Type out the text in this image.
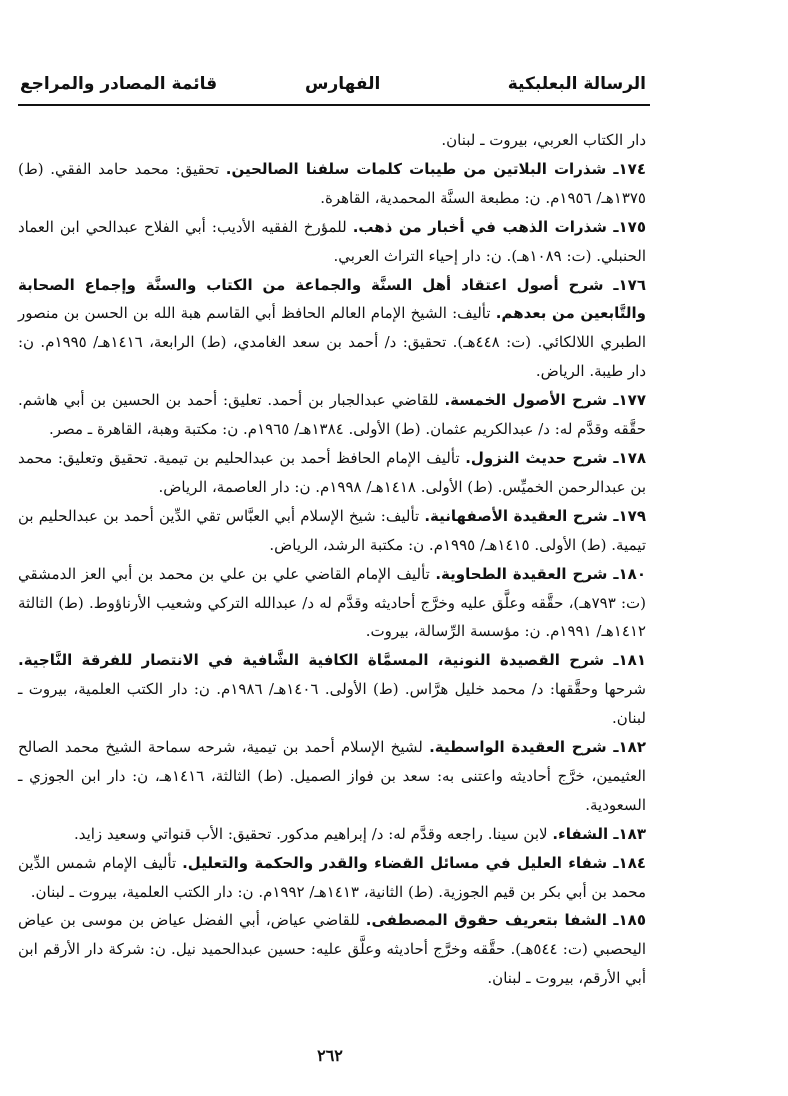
الرسالة البعلبكية
الفهارس
قائمة المصادر والمراجع

دار الكتاب العربي، بيروت ـ لبنان.

١٧٤ـ شذرات البلاتين من طيبات كلمات سلفنا الصالحين. تحقيق: محمد حامد الفقي. (ط) ١٣٧٥هـ/ ١٩٥٦م. ن: مطبعة السنَّة المحمدية، القاهرة.

١٧٥ـ شذرات الذهب في أخبار من ذهب. للمؤرخ الفقيه الأديب: أبي الفلاح عبدالحي ابن العماد الحنبلي. (ت: ١٠٨٩هـ). ن: دار إحياء التراث العربي.

١٧٦ـ شرح أصول اعتقاد أهل السنَّة والجماعة من الكتاب والسنَّة وإجماع الصحابة والتَّابعين من بعدهم. تأليف: الشيخ الإمام العالم الحافظ أبي القاسم هبة الله بن الحسن بن منصور الطبري اللالكائي. (ت: ٤٤٨هـ). تحقيق: د/ أحمد بن سعد الغامدي، (ط) الرابعة، ١٤١٦هـ/ ١٩٩٥م. ن: دار طيبة. الرياض.

١٧٧ـ شرح الأصول الخمسة. للقاضي عبدالجبار بن أحمد. تعليق: أحمد بن الحسين بن أبي هاشم. حقَّقه وقدَّم له: د/ عبدالكريم عثمان. (ط) الأولى. ١٣٨٤هـ/ ١٩٦٥م. ن: مكتبة وهبة، القاهرة ـ مصر.

١٧٨ـ شرح حديث النزول. تأليف الإمام الحافظ أحمد بن عبدالحليم بن تيمية. تحقيق وتعليق: محمد بن عبدالرحمن الخميِّس. (ط) الأولى. ١٤١٨هـ/ ١٩٩٨م. ن: دار العاصمة، الرياض.

١٧٩ـ شرح العقيدة الأصفهانية. تأليف: شيخ الإسلام أبي العبَّاس تقي الدِّين أحمد بن عبدالحليم بن تيمية. (ط) الأولى. ١٤١٥هـ/ ١٩٩٥م. ن: مكتبة الرشد، الرياض.

١٨٠ـ شرح العقيدة الطحاوية. تأليف الإمام القاضي علي بن علي بن محمد بن أبي العز الدمشقي (ت: ٧٩٣هـ)، حقَّقه وعلَّق عليه وخرَّج أحاديثه وقدَّم له د/ عبدالله التركي وشعيب الأرناؤوط. (ط) الثالثة ١٤١٢هـ/ ١٩٩١م. ن: مؤسسة الرِّسالة، بيروت.

١٨١ـ شرح القصيدة النونية، المسمَّاة الكافية الشَّافية في الانتصار للفرقة النَّاجية. شرحها وحقَّقها: د/ محمد خليل هرَّاس. (ط) الأولى. ١٤٠٦هـ/ ١٩٨٦م. ن: دار الكتب العلمية، بيروت ـ لبنان.

١٨٢ـ شرح العقيدة الواسطية. لشيخ الإسلام أحمد بن تيمية، شرحه سماحة الشيخ محمد الصالح العثيمين، خرَّج أحاديثه واعتنى به: سعد بن فواز الصميل. (ط) الثالثة، ١٤١٦هـ، ن: دار ابن الجوزي ـ السعودية.

١٨٣ـ الشفاء. لابن سينا. راجعه وقدَّم له: د/ إبراهيم مدكور. تحقيق: الأب قنواتي وسعيد زايد.

١٨٤ـ شفاء العليل في مسائل القضاء والقدر والحكمة والتعليل. تأليف الإمام شمس الدِّين محمد بن أبي بكر بن قيم الجوزية. (ط) الثانية، ١٤١٣هـ/ ١٩٩٢م. ن: دار الكتب العلمية، بيروت ـ لبنان.

١٨٥ـ الشفا بتعريف حقوق المصطفى. للقاضي عياض، أبي الفضل عياض بن موسى بن عياض اليحصبي (ت: ٥٤٤هـ). حقَّقه وخرَّج أحاديثه وعلَّق عليه: حسين عبدالحميد نيل. ن: شركة دار الأرقم ابن أبي الأرقم، بيروت ـ لبنان.

٢٦٢
